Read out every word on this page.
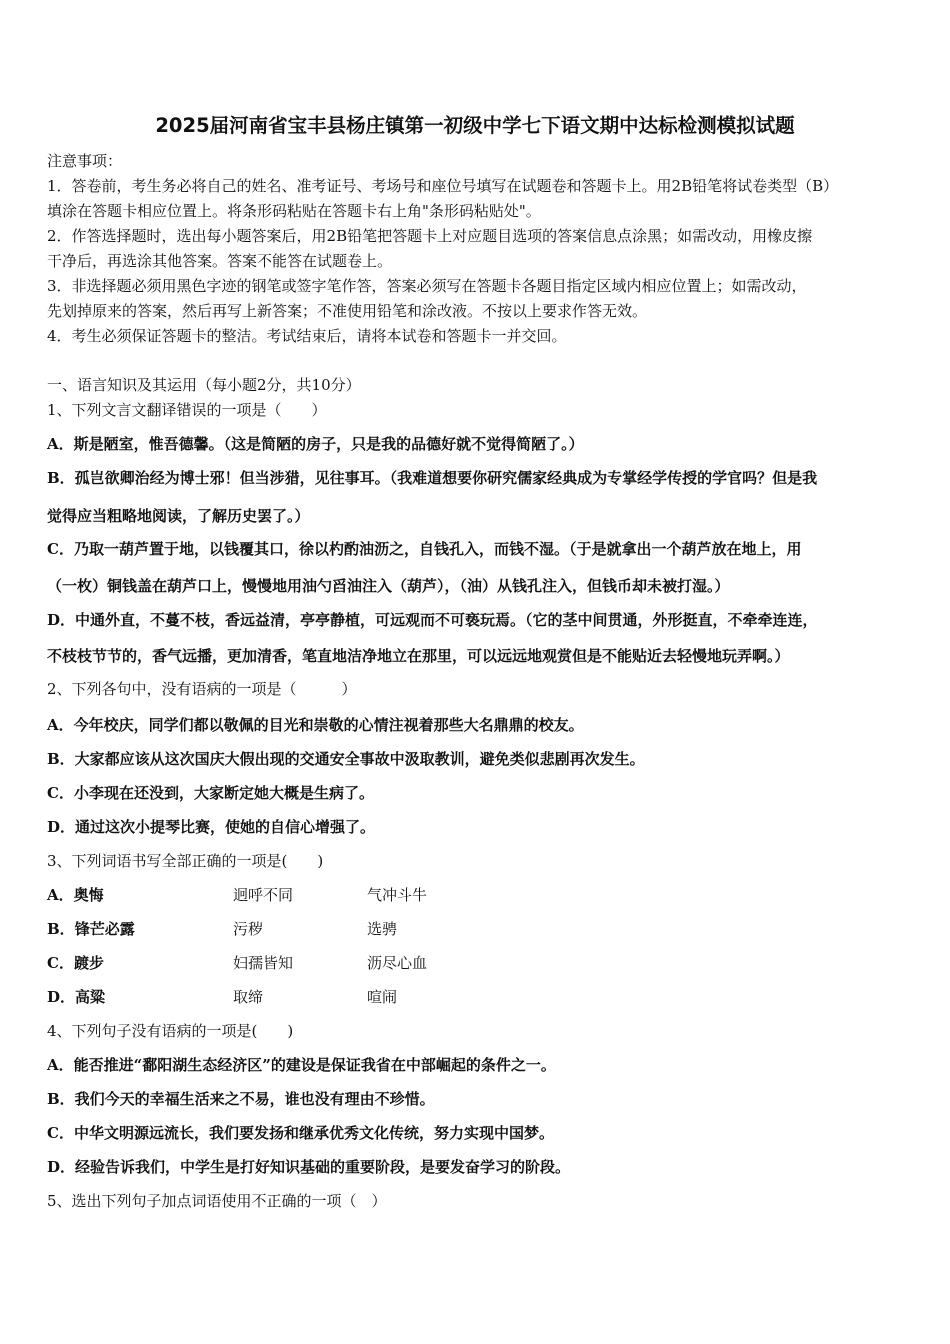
2025届河南省宝丰县杨庄镇第一初级中学七下语文期中达标检测模拟试题
注意事项：
1．答卷前，考生务必将自己的姓名、准考证号、考场号和座位号填写在试题卷和答题卡上。用2B铅笔将试卷类型（B）
填涂在答题卡相应位置上。将条形码粘贴在答题卡右上角"条形码粘贴处"。
2．作答选择题时，选出每小题答案后，用2B铅笔把答题卡上对应题目选项的答案信息点涂黑；如需改动，用橡皮擦
干净后，再选涂其他答案。答案不能答在试题卷上。
3．非选择题必须用黑色字迹的钢笔或签字笔作答，答案必须写在答题卡各题目指定区域内相应位置上；如需改动，
先划掉原来的答案，然后再写上新答案；不准使用铅笔和涂改液。不按以上要求作答无效。
4．考生必须保证答题卡的整洁。考试结束后，请将本试卷和答题卡一并交回。
一、语言知识及其运用（每小题2分，共10分）
1、下列文言文翻译错误的一项是（　　）
A．斯是陋室，惟吾德馨。（这是简陋的房子，只是我的品德好就不觉得简陋了。）
B．孤岂欲卿治经为博士邪！但当涉猎，见往事耳。（我难道想要你研究儒家经典成为专掌经学传授的学官吗？但是我
觉得应当粗略地阅读，了解历史罢了。）
C．乃取一葫芦置于地，以钱覆其口，徐以杓酌油沥之，自钱孔入，而钱不湿。（于是就拿出一个葫芦放在地上，用
（一枚）铜钱盖在葫芦口上，慢慢地用油勺舀油注入（葫芦），（油）从钱孔注入，但钱币却未被打湿。）
D．中通外直，不蔓不枝，香远益清，亭亭静植，可远观而不可亵玩焉。（它的茎中间贯通，外形挺直，不牵牵连连，
不枝枝节节的，香气远播，更加清香，笔直地洁净地立在那里，可以远远地观赏但是不能贴近去轻慢地玩弄啊。）
2、下列各句中，没有语病的一项是（　　　）
A．今年校庆，同学们都以敬佩的目光和崇敬的心情注视着那些大名鼎鼎的校友。
B．大家都应该从这次国庆大假出现的交通安全事故中汲取教训，避免类似悲剧再次发生。
C．小李现在还没到，大家断定她大概是生病了。
D．通过这次小提琴比赛，使她的自信心增强了。
3、下列词语书写全部正确的一项是(　　)
A．奥悔	迥呼不同	气冲斗牛
B．锋芒必露	污秽	选骋
C．踱步	妇孺皆知	沥尽心血
D．高粱	取缔	喧闹
4、下列句子没有语病的一项是(　　)
A．能否推进“鄱阳湖生态经济区”的建设是保证我省在中部崛起的条件之一。
B．我们今天的幸福生活来之不易，谁也没有理由不珍惜。
C．中华文明源远流长，我们要发扬和继承优秀文化传统，努力实现中国梦。
D．经验告诉我们，中学生是打好知识基础的重要阶段，是要发奋学习的阶段。
5、选出下列句子加点词语使用不正确的一项（　）
